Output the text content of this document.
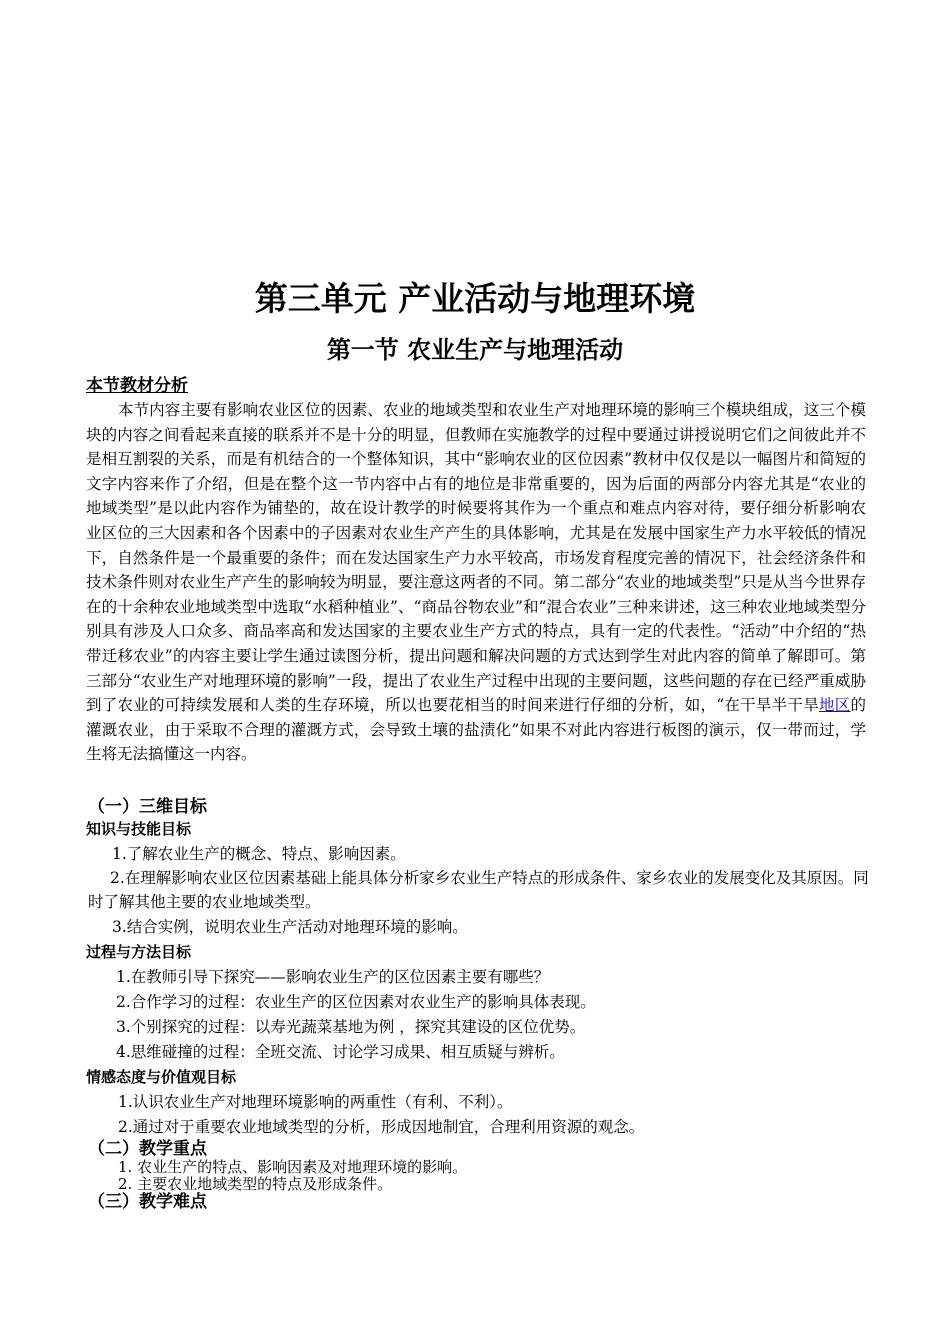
第三单元 产业活动与地理环境
第一节 农业生产与地理活动
本节教材分析

本节内容主要有影响农业区位的因素、农业的地域类型和农业生产对地理环境的影响三个模块组成，这三个模块的内容之间看起来直接的联系并不是十分的明显，但教师在实施教学的过程中要通过讲授说明它们之间彼此并不是相互割裂的关系，而是有机结合的一个整体知识，其中“影响农业的区位因素”教材中仅仅是以一幅图片和简短的文字内容来作了介绍，但是在整个这一节内容中占有的地位是非常重要的，因为后面的两部分内容尤其是“农业的地域类型”是以此内容作为铺垫的，故在设计教学的时候要将其作为一个重点和难点内容对待，要仔细分析影响农业区位的三大因素和各个因素中的子因素对农业生产产生的具体影响，尤其是在发展中国家生产力水平较低的情况下，自然条件是一个最重要的条件；而在发达国家生产力水平较高，市场发育程度完善的情况下，社会经济条件和技术条件则对农业生产产生的影响较为明显，要注意这两者的不同。第二部分“农业的地域类型”只是从当今世界存在的十余种农业地域类型中选取“水稻种植业”、“商品谷物农业”和“混合农业”三种来讲述，这三种农业地域类型分别具有涉及人口众多、商品率高和发达国家的主要农业生产方式的特点，具有一定的代表性。“活动”中介绍的“热带迁移农业”的内容主要让学生通过读图分析，提出问题和解决问题的方式达到学生对此内容的简单了解即可。第三部分“农业生产对地理环境的影响”一段，提出了农业生产过程中出现的主要问题，这些问题的存在已经严重威胁到了农业的可持续发展和人类的生存环境，所以也要花相当的时间来进行仔细的分析，如，“在干旱半干旱地区的灌溉农业，由于采取不合理的灌溉方式，会导致土壤的盐渍化”如果不对此内容进行板图的演示，仅一带而过，学生将无法搞懂这一内容。

（一）三维目标
知识与技能目标

1.了解农业生产的概念、特点、影响因素。

2.在理解影响农业区位因素基础上能具体分析家乡农业生产特点的形成条件、家乡农业的发展变化及其原因。同时了解其他主要的农业地域类型。

3.结合实例，说明农业生产活动对地理环境的影响。

过程与方法目标

1.在教师引导下探究——影响农业生产的区位因素主要有哪些？

2.合作学习的过程：农业生产的区位因素对农业生产的影响具体表现。

3.个别探究的过程：以寿光蔬菜基地为例 ，探究其建设的区位优势。

4.思维碰撞的过程：全班交流、讨论学习成果、相互质疑与辨析。

情感态度与价值观目标

1.认识农业生产对地理环境影响的两重性（有利、不利）。

2.通过对于重要农业地域类型的分析，形成因地制宜，合理利用资源的观念。

（二）教学重点

1. 农业生产的特点、影响因素及对地理环境的影响。

2. 主要农业地域类型的特点及形成条件。

（三）教学难点
